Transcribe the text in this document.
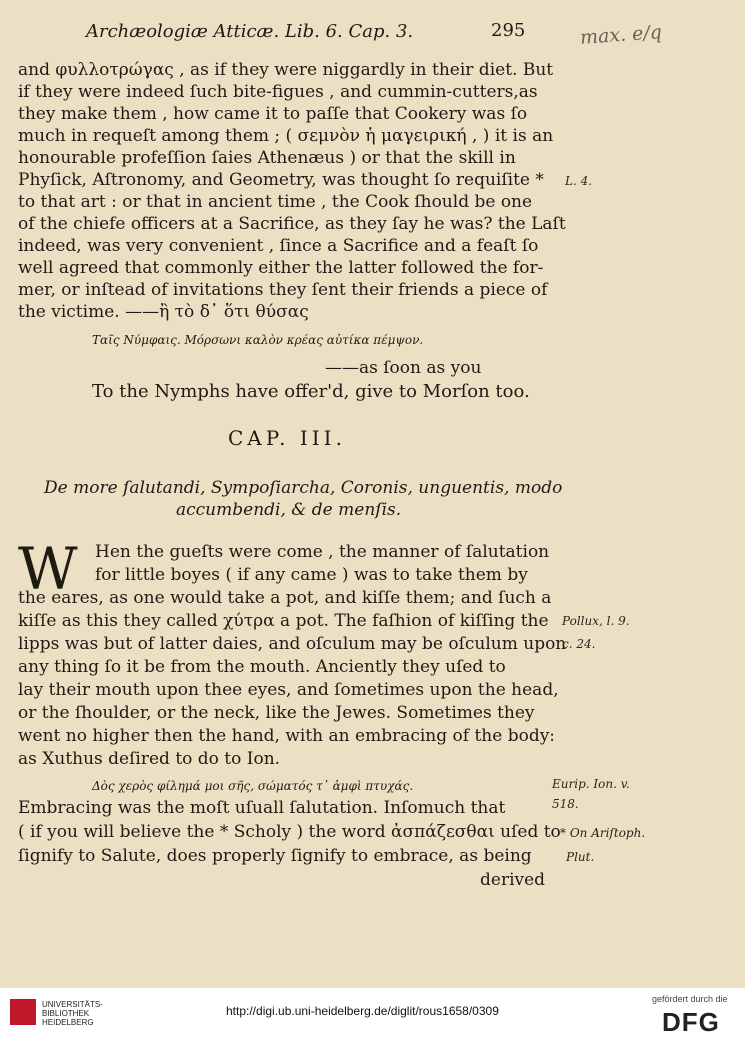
Archæologiæ Atticæ. Lib. 6. Cap. 3.	295	max. e/q
and φυλλοτρώγας , as if they were niggardly in their diet. But
if they were indeed ſuch bite-figues , and cummin-cutters,as
they make them , how came it to paſſe that Cookery was ſo
much in requeſt among them ; ( σεμνὸν ἡ μαγειρική , ) it is an
honourable profeſſion ſaies Athenæus ) or that the skill in
Phyſick, Aſtronomy, and Geometry, was thought ſo requiſite *
to that art : or that in ancient time , the Cook ſhould be one
of the chiefe officers at a Sacrifice, as they ſay he was? the Laſt
indeed, was very convenient , ſince a Sacrifice and a feaſt ſo
well agreed that commonly either the latter followed the for-
mer, or inſtead of invitations they ſent their friends a piece of
the victime. ——ἢ τὸ δ᾽ ὅτι θύσας
L. 4.
Ταῖς Νύμφαις. Μόρσωνι καλὸν κρέας αὐτίκα πέμψον.
——as ſoon as you
To the Nymphs have offer'd, give to Morſon too.
CAP. III.
De more ſalutandi, Sympoſiarcha, Coronis, unguentis, modo
accumbendi, & de menſis.
W Hen the gueſts were come , the manner of ſalutation
for little boyes ( if any came ) was to take them by
the eares, as one would take a pot, and kiſſe them; and ſuch a
kiſſe as this they called χύτρα a pot. The faſhion of kiſſing the
lipps was but of latter daies, and oſculum may be oſculum upon
any thing ſo it be from the mouth. Anciently they uſed to
lay their mouth upon thee eyes, and ſometimes upon the head,
or the ſhoulder, or the neck, like the Jewes. Sometimes they
went no higher then the hand, with an embracing of the body:
as Xuthus deſired to do to Ion.
Δὸς χερὸς φίλημά μοι σῆς, σώματός τ᾽ ἀμφὶ πτυχάς.
Embracing was the moſt uſuall ſalutation. Inſomuch that
( if you will believe the * Scholy ) the word ἀσπάζεσθαι uſed to
ſignify to Salute, does properly ſignify to embrace, as being
derived
Pollux, l. 9.
c. 24.
Eurip. Ion. v.
518.
* On Ariſtoph.
Plut.
UNIVERSITÄTS-
BIBLIOTHEK
HEIDELBERG
http://digi.ub.uni-heidelberg.de/diglit/rous1658/0309
gefördert durch die
DFG
